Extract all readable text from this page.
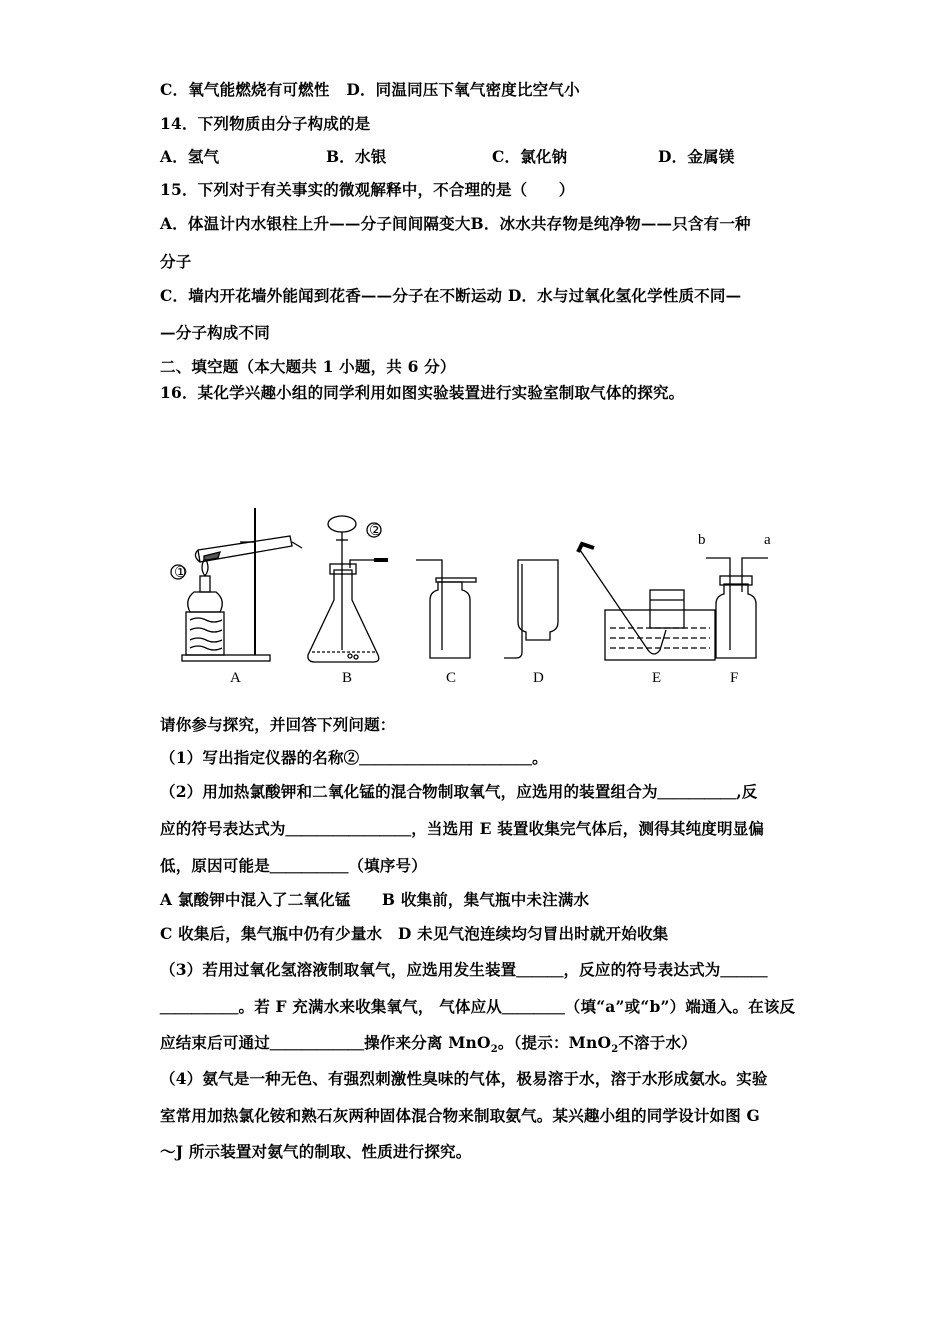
C．氧气能燃烧有可燃性 D．同温同压下氧气密度比空气小
14．下列物质由分子构成的是
A．氢气	B．水银	C．氯化钠	D．金属镁
15．下列对于有关事实的微观解释中，不合理的是（　　）
A．体温计内水银柱上升——分子间间隔变大B．冰水共存物是纯净物——只含有一种
分子
C．墙内开花墙外能闻到花香——分子在不断运动 D．水与过氧化氢化学性质不同—
—分子构成不同
二、填空题（本大题共 1 小题，共 6 分）
16．某化学兴趣小组的同学利用如图实验装置进行实验室制取气体的探究。
①
②
b	a
A	B	C	D	E	F
请你参与探究，并回答下列问题：
（1）写出指定仪器的名称②＿＿＿＿＿＿＿＿＿＿＿。
（2）用加热氯酸钾和二氧化锰的混合物制取氧气，应选用的装置组合为＿＿＿＿＿,反
应的符号表达式为＿＿＿＿＿＿＿＿，当选用 E 装置收集完气体后，测得其纯度明显偏
低，原因可能是＿＿＿＿＿（填序号）
A 氯酸钾中混入了二氧化锰　　B 收集前，集气瓶中未注满水
C 收集后，集气瓶中仍有少量水　D 未见气泡连续均匀冒出时就开始收集
（3）若用过氧化氢溶液制取氧气，应选用发生装置＿＿＿，反应的符号表达式为＿＿＿
＿＿＿＿＿。若 F 充满水来收集氧气， 气体应从＿＿＿＿（填“a”或“b”）端通入。在该反
应结束后可通过＿＿＿＿＿＿操作来分离 MnO$_2$。（提示：MnO$_2$不溶于水）
（4）氨气是一种无色、有强烈刺激性臭味的气体，极易溶于水，溶于水形成氨水。实验
室常用加热氯化铵和熟石灰两种固体混合物来制取氨气。某兴趣小组的同学设计如图 G
～J 所示装置对氨气的制取、性质进行探究。
